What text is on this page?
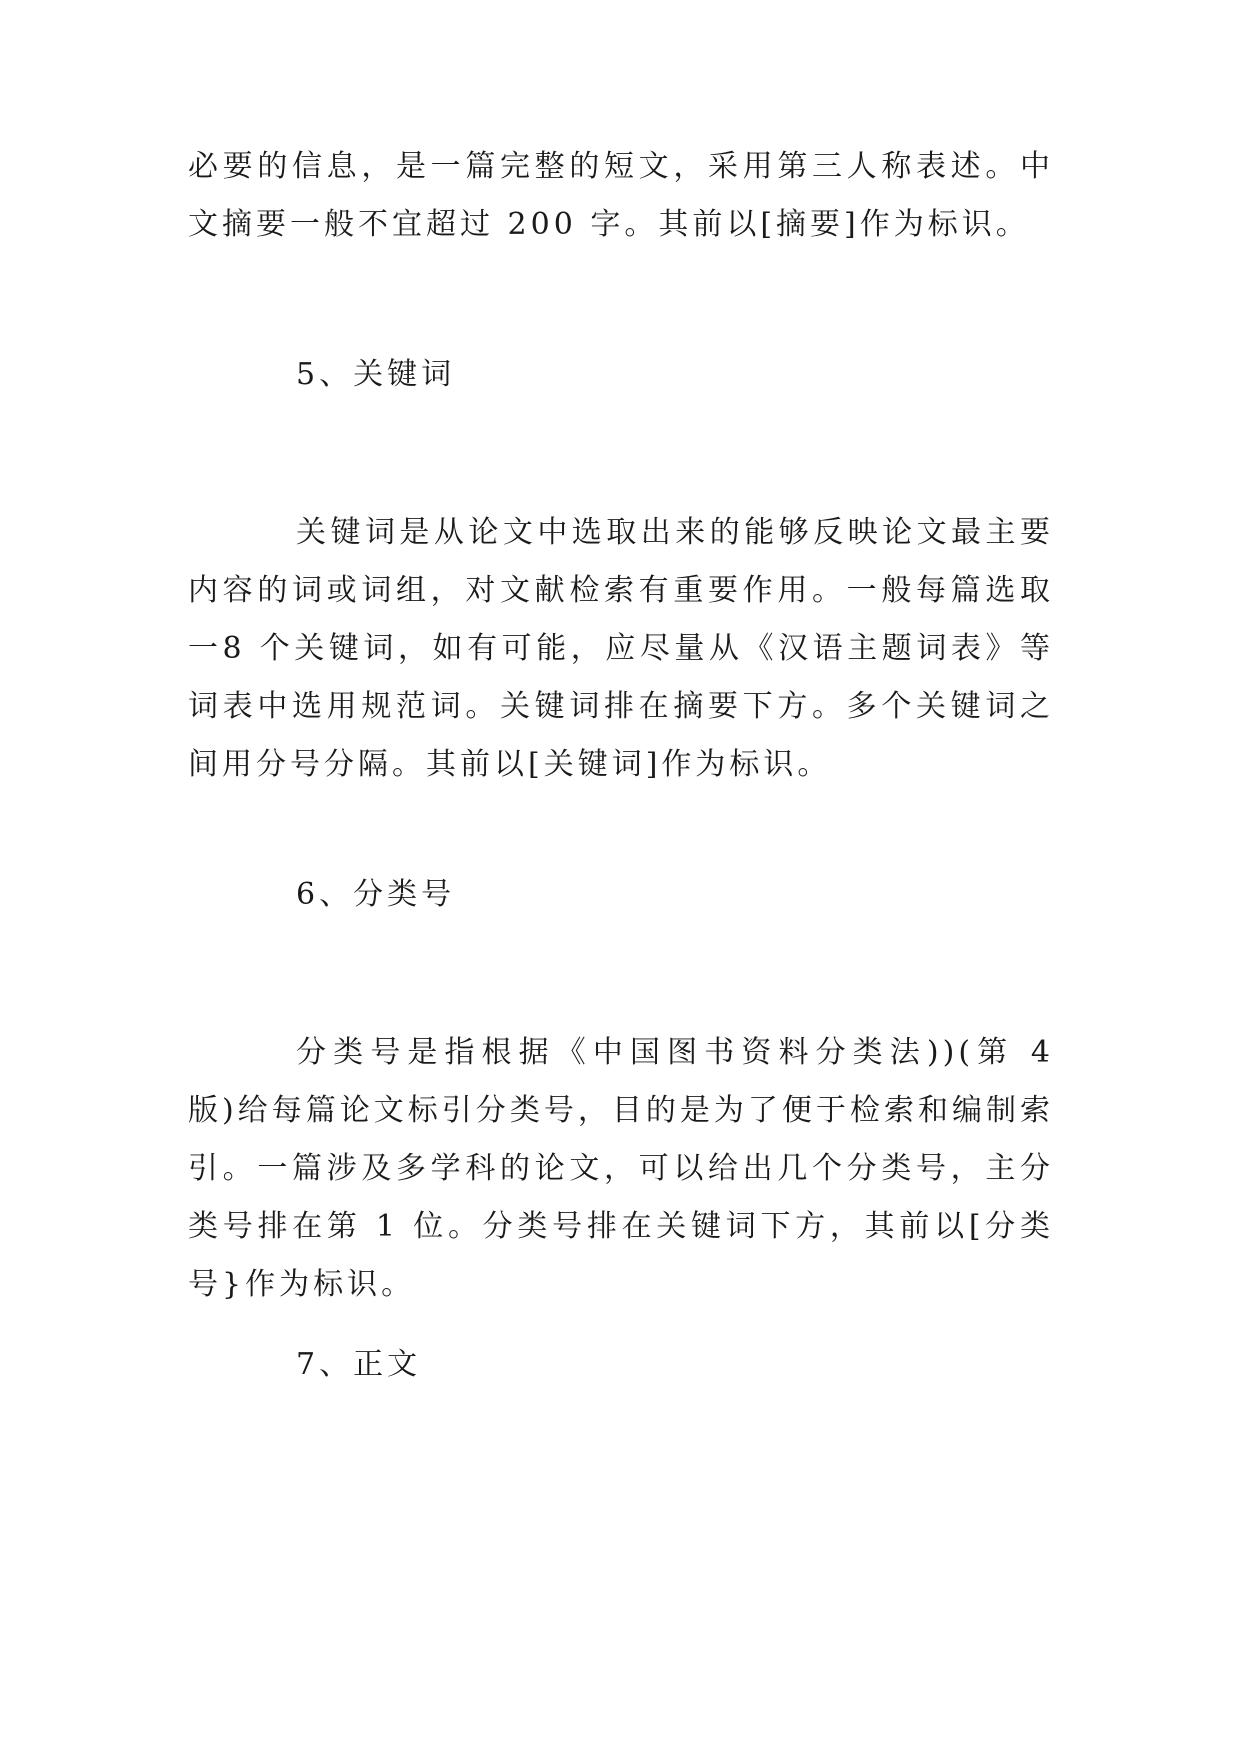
必要的信息，是一篇完整的短文，采用第三人称表述。中文摘要一般不宜超过 200 字。其前以[摘要]作为标识。

5、关键词

关键词是从论文中选取出来的能够反映论文最主要内容的词或词组，对文献检索有重要作用。一般每篇选取一8 个关键词，如有可能，应尽量从《汉语主题词表》等词表中选用规范词。关键词排在摘要下方。多个关键词之间用分号分隔。其前以[关键词]作为标识。

6、分类号

分类号是指根据《中国图书资料分类法))(第 4 版)给每篇论文标引分类号，目的是为了便于检索和编制索引。一篇涉及多学科的论文，可以给出几个分类号，主分类号排在第 1 位。分类号排在关键词下方，其前以[分类号}作为标识。

7、正文
